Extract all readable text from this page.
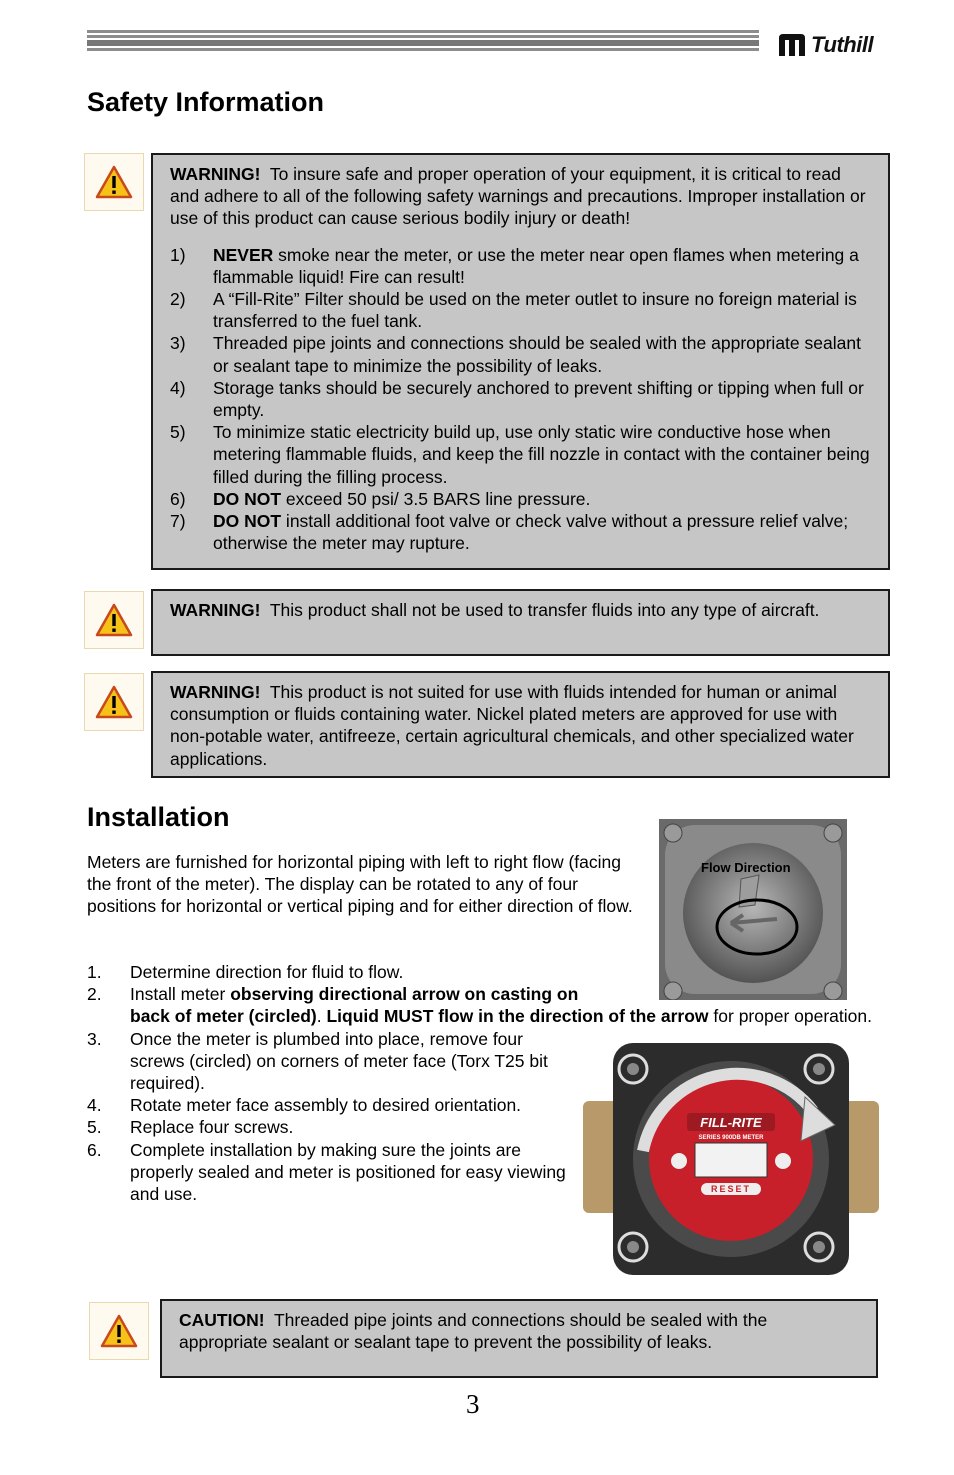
Tuthill
Safety Information

WARNING! To insure safe and proper operation of your equipment, it is critical to read and adhere to all of the following safety warnings and precautions. Improper installation or use of this product can cause serious bodily injury or death!

1)	NEVER smoke near the meter, or use the meter near open flames when metering a flammable liquid! Fire can result!
2)	A “Fill-Rite” Filter should be used on the meter outlet to insure no foreign material is transferred to the fuel tank.
3)	Threaded pipe joints and connections should be sealed with the appropriate sealant or sealant tape to minimize the possibility of leaks.
4)	Storage tanks should be securely anchored to prevent shifting or tipping when full or empty.
5)	To minimize static electricity build up, use only static wire conductive hose when metering flammable fluids, and keep the fill nozzle in contact with the container being filled during the filling process.
6)	DO NOT exceed 50 psi/ 3.5 BARS line pressure.
7)	DO NOT install additional foot valve or check valve without a pressure relief valve; otherwise the meter may rupture.

WARNING! This product shall not be used to transfer fluids into any type of aircraft.

WARNING! This product is not suited for use with fluids intended for human or animal consumption or fluids containing water. Nickel plated meters are approved for use with non-potable water, antifreeze, certain agricultural chemicals, and other specialized water applications.

Installation
Meters are furnished for horizontal piping with left to right flow (facing the front of the meter). The display can be rotated to any of four positions for horizontal or vertical piping and for either direction of flow.
Flow Direction
1.	Determine direction for fluid to flow.
2.	Install meter observing directional arrow on casting on
back of meter (circled). Liquid MUST flow in the direction of the arrow for proper operation.
3.	Once the meter is plumbed into place, remove four screws (circled) on corners of meter face (Torx T25 bit required).
4.	Rotate meter face assembly to desired orientation.
5.	Replace four screws.
6.	Complete installation by making sure the joints are properly sealed and meter is positioned for easy viewing and use.
FILL-RITE
SERIES 900DB METER
RESET

CAUTION! Threaded pipe joints and connections should be sealed with the appropriate sealant or sealant tape to prevent the possibility of leaks.

3
